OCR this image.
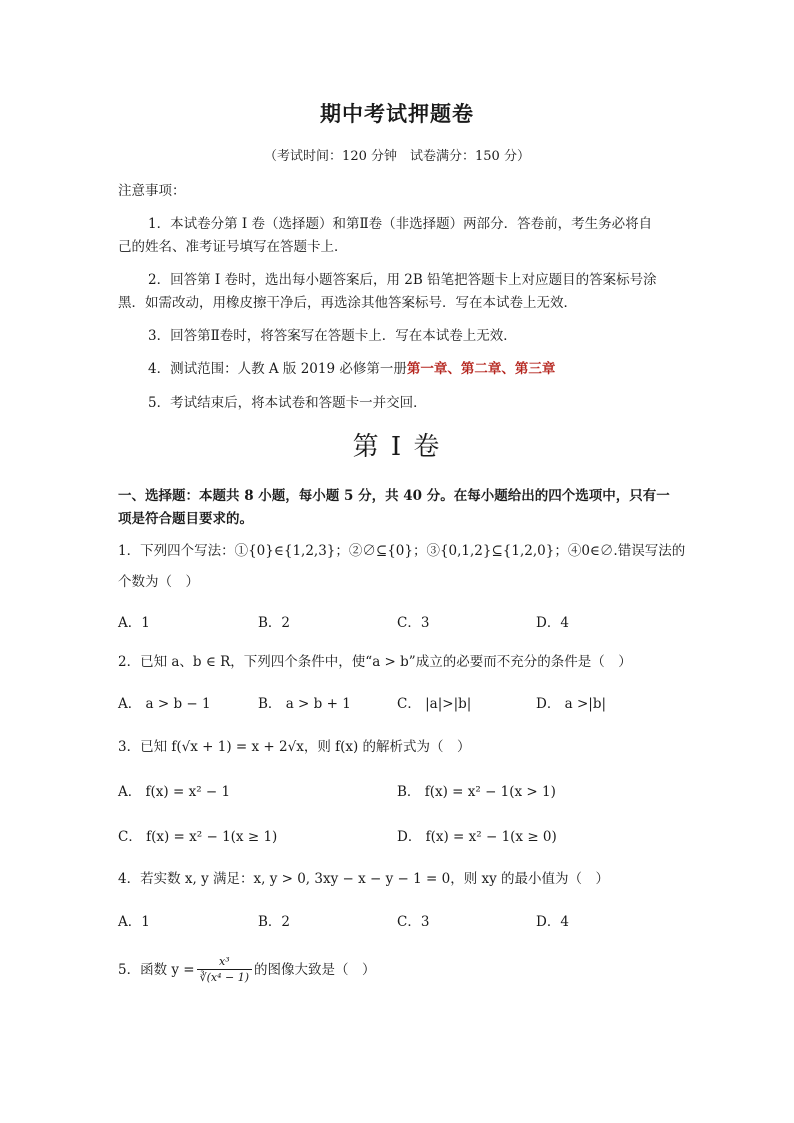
期中考试押题卷
（考试时间：120 分钟　试卷满分：150 分）
注意事项：
1．本试卷分第 I 卷（选择题）和第Ⅱ卷（非选择题）两部分．答卷前，考生务必将自
己的姓名、准考证号填写在答题卡上．
2．回答第 I 卷时，选出每小题答案后，用 2B 铅笔把答题卡上对应题目的答案标号涂
黑．如需改动，用橡皮擦干净后，再选涂其他答案标号．写在本试卷上无效．
3．回答第Ⅱ卷时，将答案写在答题卡上．写在本试卷上无效．
4．测试范围：人教 A 版 2019 必修第一册第一章、第二章、第三章
5．考试结束后，将本试卷和答题卡一并交回．
第 I 卷
一、选择题：本题共 8 小题，每小题 5 分，共 40 分。在每小题给出的四个选项中，只有一
项是符合题目要求的。
1．下列四个写法：①{0}∈{1,2,3}；②∅⊆{0}；③{0,1,2}⊆{1,2,0}；④0∈∅.错误写法的
个数为（　）
A．1	B．2	C．3	D．4
2．已知 a、b ∈ R，下列四个条件中，使“a > b”成立的必要而不充分的条件是（　）
A． a > b − 1	B． a > b + 1	C． |a|>|b|	D． a >|b|
3．已知 f(√x + 1) = x + 2√x，则 f(x) 的解析式为（　）
A． f(x) = x² − 1	B． f(x) = x² − 1(x > 1)
C． f(x) = x² − 1(x ≥ 1)	D． f(x) = x² − 1(x ≥ 0)
4．若实数 x, y 满足：x, y > 0, 3xy − x − y − 1 = 0，则 xy 的最小值为（　）
A．1	B．2	C．3	D．4
5．函数 $y = \frac{\text{x³}}{\text{∛(x⁴ − 1)}}$ 的图像大致是（　）
